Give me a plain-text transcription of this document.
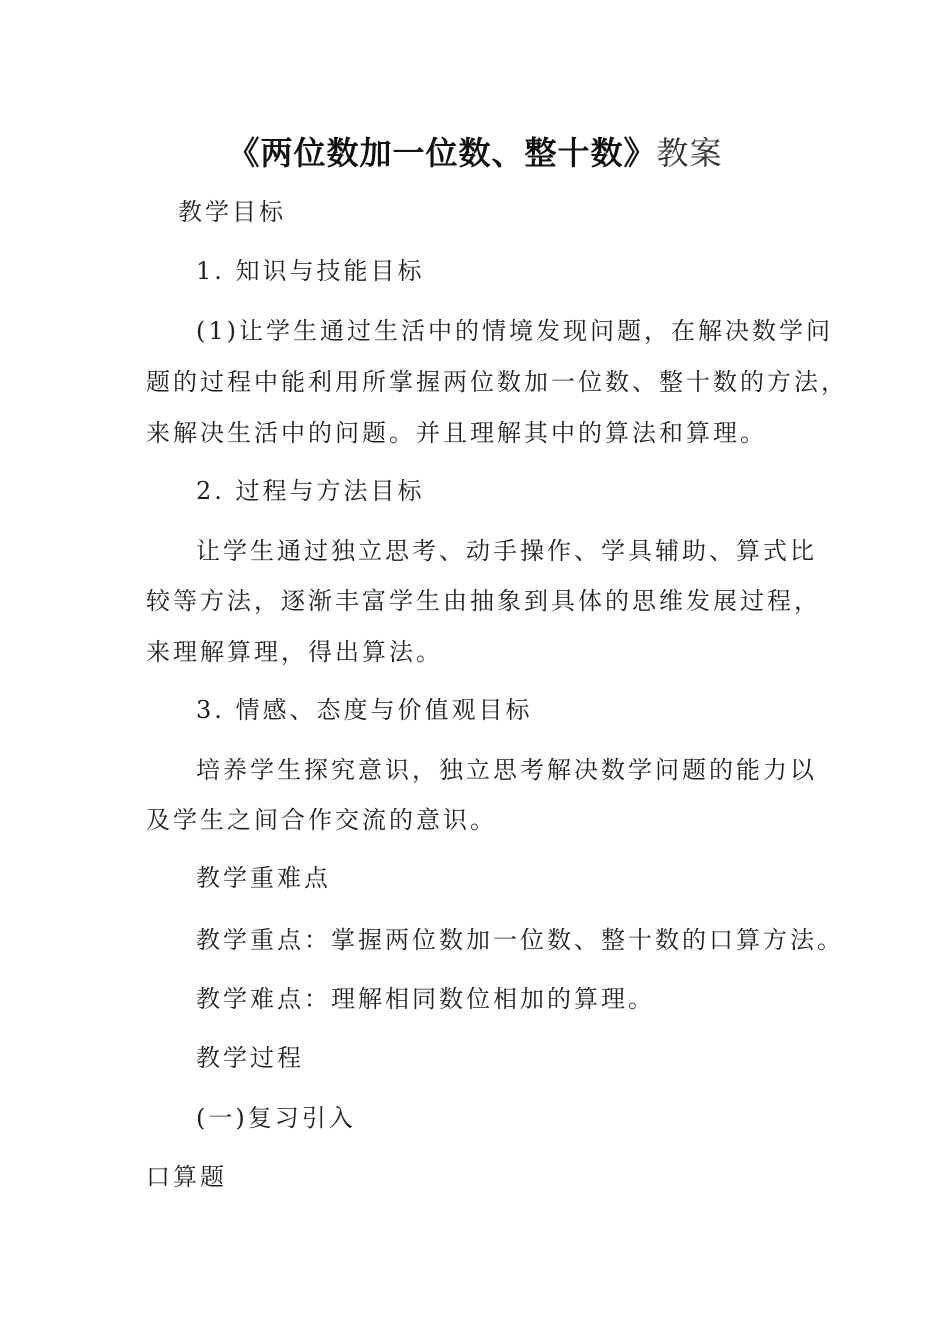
《两位数加一位数、整十数》教案
教学目标
1. 知识与技能目标
(1)让学生通过生活中的情境发现问题，在解决数学问
题的过程中能利用所掌握两位数加一位数、整十数的方法，
来解决生活中的问题。并且理解其中的算法和算理。
2. 过程与方法目标
让学生通过独立思考、动手操作、学具辅助、算式比
较等方法，逐渐丰富学生由抽象到具体的思维发展过程，
来理解算理，得出算法。
3. 情感、态度与价值观目标
培养学生探究意识，独立思考解决数学问题的能力以
及学生之间合作交流的意识。
教学重难点
教学重点：掌握两位数加一位数、整十数的口算方法。
教学难点：理解相同数位相加的算理。
教学过程
(一)复习引入
口算题
